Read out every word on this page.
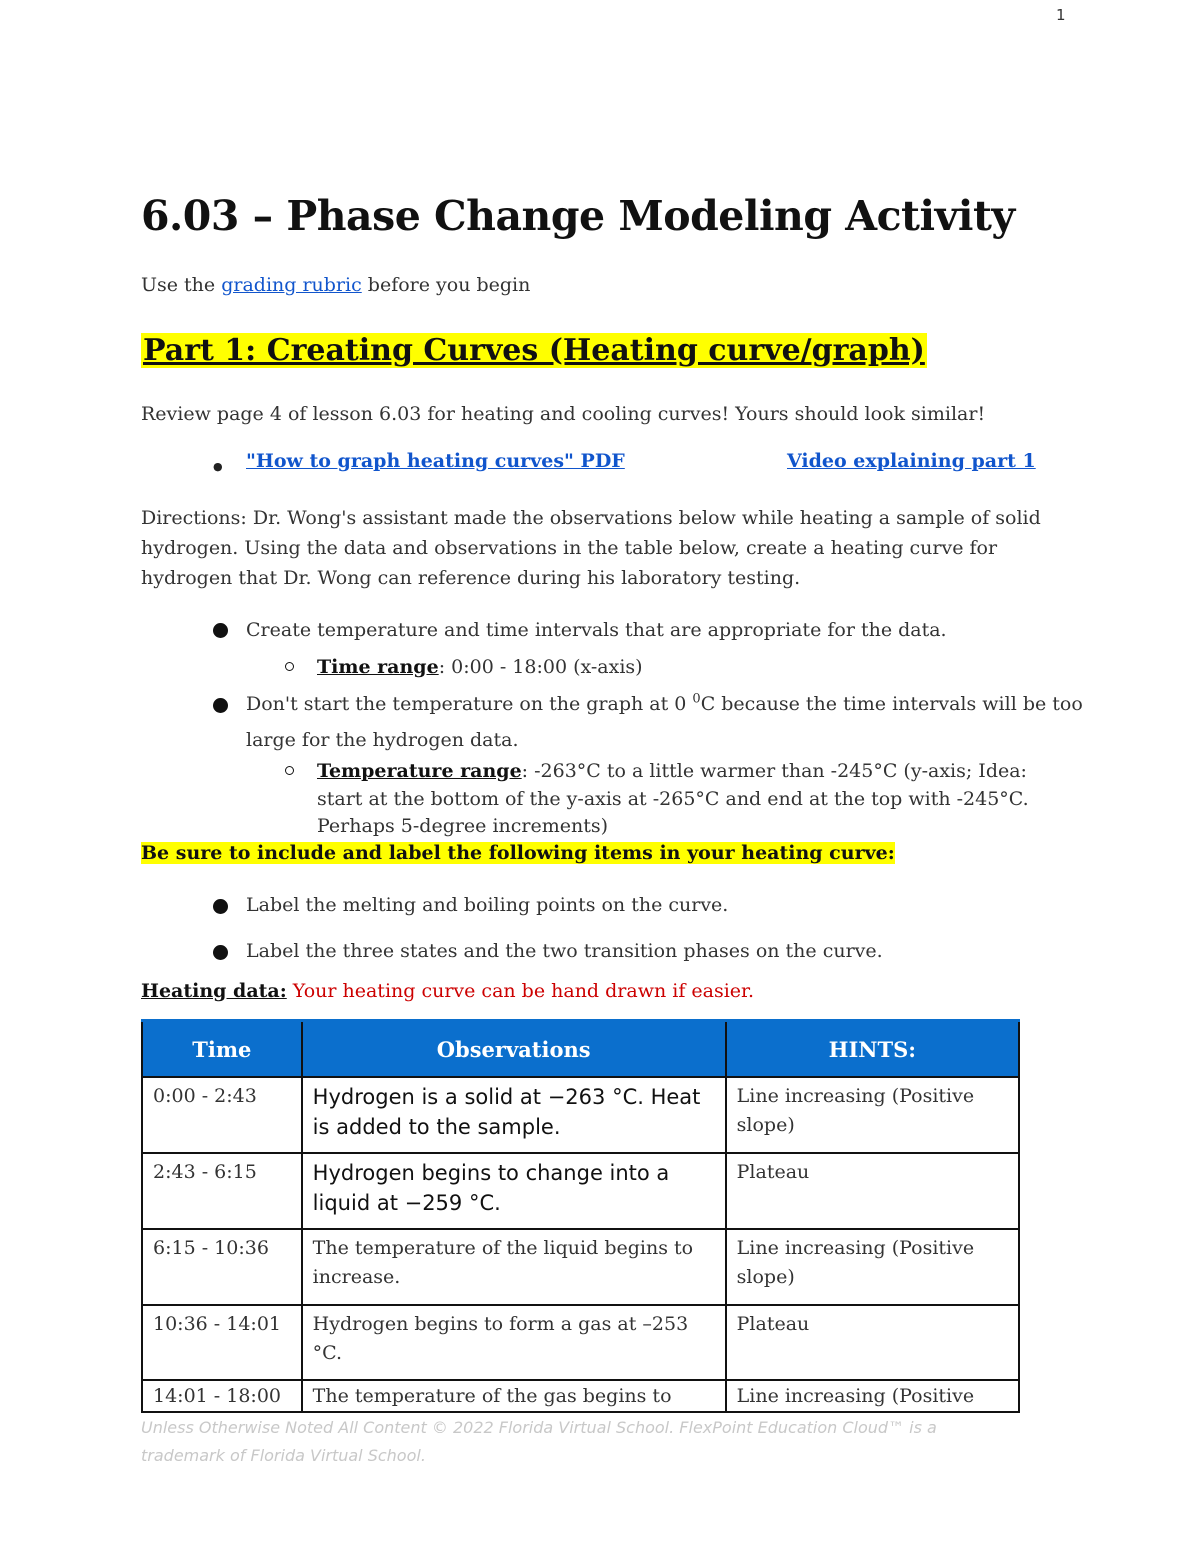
1
6.03 – Phase Change Modeling Activity
Use the grading rubric before you begin
Part 1: Creating Curves (Heating curve/graph)
Review page 4 of lesson 6.03 for heating and cooling curves! Yours should look similar!
● "How to graph heating curves" PDF	Video explaining part 1
Directions: Dr. Wong's assistant made the observations below while heating a sample of solid
hydrogen. Using the data and observations in the table below, create a heating curve for
hydrogen that Dr. Wong can reference during his laboratory testing.
Create temperature and time intervals that are appropriate for the data.
Time range: 0:00 - 18:00 (x-axis)
Don't start the temperature on the graph at 0 $^0$C because the time intervals will be too
large for the hydrogen data.
Temperature range: -263°C to a little warmer than -245°C (y-axis; Idea:
start at the bottom of the y-axis at -265°C and end at the top with -245°C.
Perhaps 5-degree increments)
Be sure to include and label the following items in your heating curve:
Label the melting and boiling points on the curve.
Label the three states and the two transition phases on the curve.
Heating data: Your heating curve can be hand drawn if easier.
Time	Observations	HINTS:
0:00 - 2:43	Hydrogen is a solid at −263 °C. Heat is added to the sample.	Line increasing (Positive slope)
2:43 - 6:15	Hydrogen begins to change into a liquid at −259 °C.	Plateau
6:15 - 10:36	The temperature of the liquid begins to increase.	Line increasing (Positive slope)
10:36 - 14:01	Hydrogen begins to form a gas at –253 °C.	Plateau
14:01 - 18:00	The temperature of the gas begins to	Line increasing (Positive
Unless Otherwise Noted All Content © 2022 Florida Virtual School. FlexPoint Education Cloud™ is a
trademark of Florida Virtual School.
